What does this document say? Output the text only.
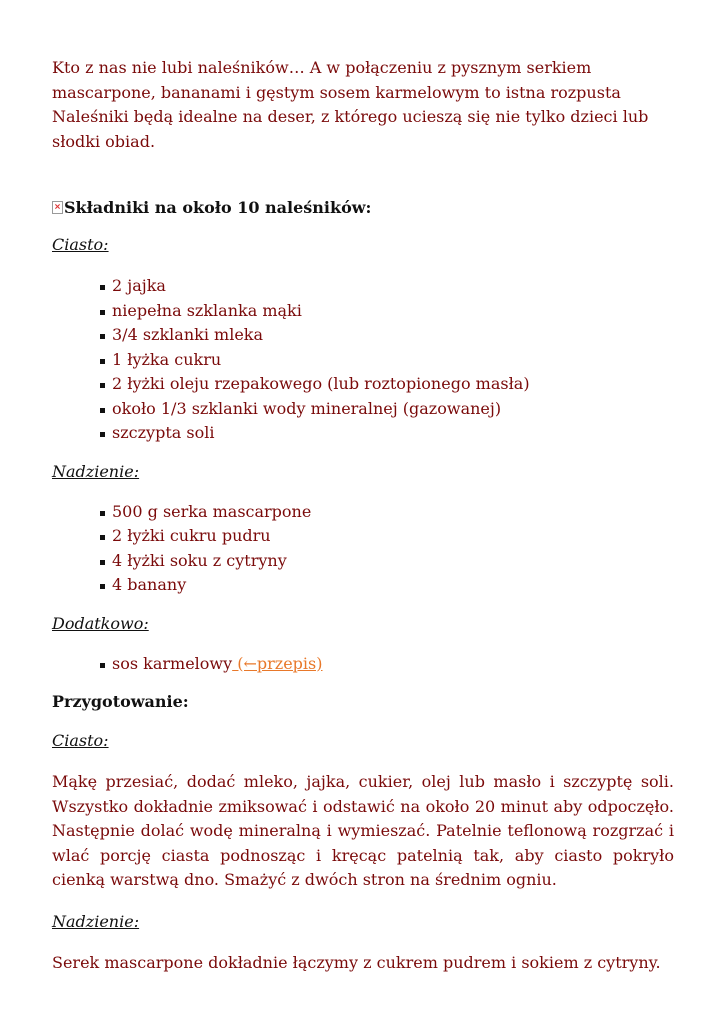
Kto z nas nie lubi naleśników… A w połączeniu z pysznym serkiem mascarpone, bananami i gęstym sosem karmelowym to istna rozpusta Naleśniki będą idealne na deser, z którego ucieszą się nie tylko dzieci lub słodki obiad.

Składniki na około 10 naleśników:

Ciasto:

2 jajka
niepełna szklanka mąki
3/4 szklanki mleka
1 łyżka cukru
2 łyżki oleju rzepakowego (lub roztopionego masła)
około 1/3 szklanki wody mineralnej (gazowanej)
szczypta soli

Nadzienie:

500 g serka mascarpone
2 łyżki cukru pudru
4 łyżki soku z cytryny
4 banany

Dodatkowo:

sos karmelowy (←przepis)
Przygotowanie:

Ciasto:

Mąkę przesiać, dodać mleko, jajka, cukier, olej lub masło i szczyptę soli. Wszystko dokładnie zmiksować i odstawić na około 20 minut aby odpoczęło. Następnie dolać wodę mineralną i wymieszać. Patelnie teflonową rozgrzać i wlać porcję ciasta podnosząc i kręcąc patelnią tak, aby ciasto pokryło cienką warstwą dno. Smażyć z dwóch stron na średnim ogniu.

Nadzienie:

Serek mascarpone dokładnie łączymy z cukrem pudrem i sokiem z cytryny.
